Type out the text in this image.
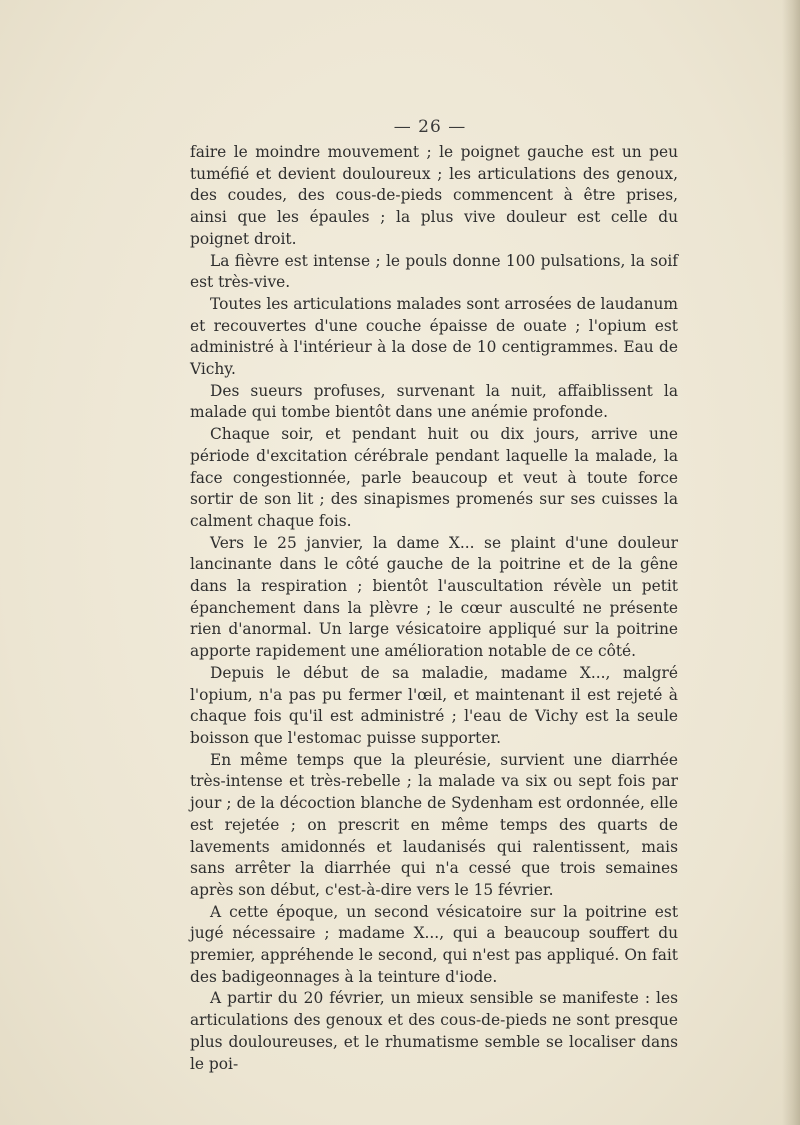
— 26 —

faire le moindre mouvement ; le poignet gauche est un peu tuméfié et devient douloureux ; les articulations des genoux, des coudes, des cous-de-pieds commencent à être prises, ainsi que les épaules ; la plus vive douleur est celle du poignet droit.

La fièvre est intense ; le pouls donne 100 pulsations, la soif est très-vive.

Toutes les articulations malades sont arrosées de laudanum et recouvertes d'une couche épaisse de ouate ; l'opium est administré à l'intérieur à la dose de 10 centigrammes. Eau de Vichy.

Des sueurs profuses, survenant la nuit, affaiblissent la malade qui tombe bientôt dans une anémie profonde.

Chaque soir, et pendant huit ou dix jours, arrive une période d'excitation cérébrale pendant laquelle la malade, la face congestionnée, parle beaucoup et veut à toute force sortir de son lit ; des sinapismes promenés sur ses cuisses la calment chaque fois.

Vers le 25 janvier, la dame X... se plaint d'une douleur lancinante dans le côté gauche de la poitrine et de la gêne dans la respiration ; bientôt l'auscultation révèle un petit épanchement dans la plèvre ; le cœur ausculté ne présente rien d'anormal. Un large vésicatoire appliqué sur la poitrine apporte rapidement une amélioration notable de ce côté.

Depuis le début de sa maladie, madame X..., malgré l'opium, n'a pas pu fermer l'œil, et maintenant il est rejeté à chaque fois qu'il est administré ; l'eau de Vichy est la seule boisson que l'estomac puisse supporter.

En même temps que la pleurésie, survient une diarrhée très-intense et très-rebelle ; la malade va six ou sept fois par jour ; de la décoction blanche de Sydenham est ordonnée, elle est rejetée ; on prescrit en même temps des quarts de lavements amidonnés et laudanisés qui ralentissent, mais sans arrêter la diarrhée qui n'a cessé que trois semaines après son début, c'est-à-dire vers le 15 février.

A cette époque, un second vésicatoire sur la poitrine est jugé nécessaire ; madame X..., qui a beaucoup souffert du premier, appréhende le second, qui n'est pas appliqué. On fait des badigeonnages à la teinture d'iode.

A partir du 20 février, un mieux sensible se manifeste : les articulations des genoux et des cous-de-pieds ne sont presque plus douloureuses, et le rhumatisme semble se localiser dans le poi-
